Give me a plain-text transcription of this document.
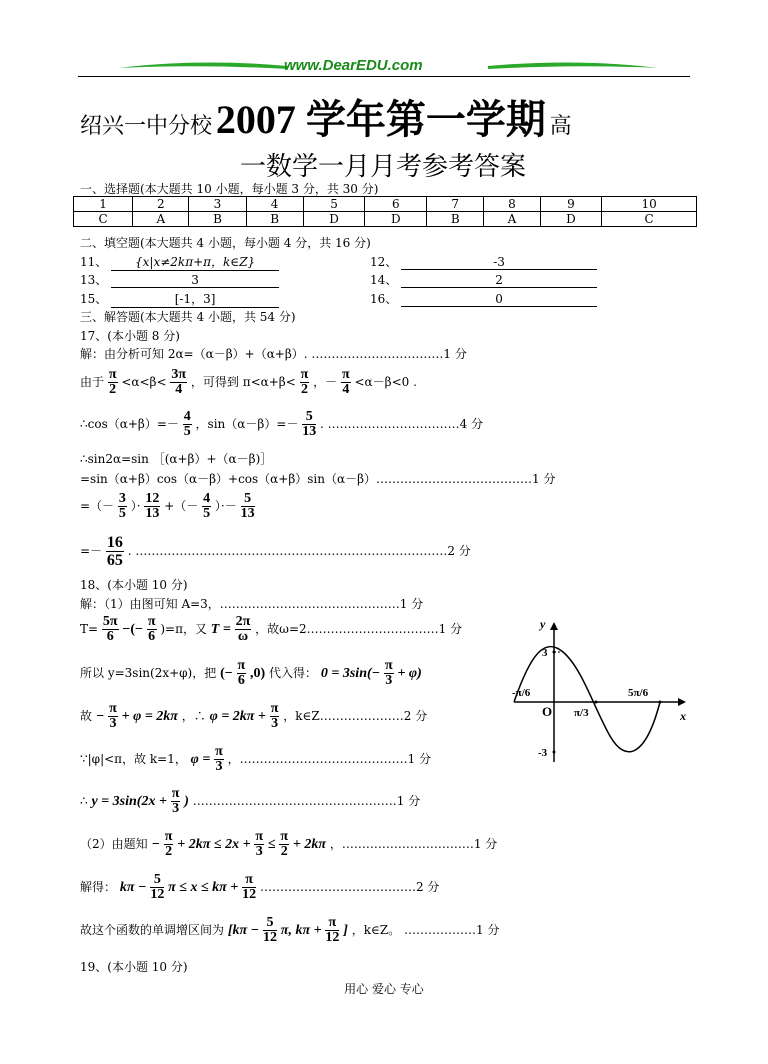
www.DearEDU.com
绍兴一中分校 2007 学年第一学期 高
一数学一月月考参考答案
一、选择题(本大题共 10 小题，每小题 3 分，共 30 分)
1	2	3	4	5	6	7	8	9	10
C	A	B	B	D	D	B	A	D	C
二、填空题(本大题共 4 小题，每小题 4 分，共 16 分)
11、 {x|x≠2kπ+π，k∈Z}	12、	-3
13、	3	14、	2
15、	[-1，3]	16、	0
三、解答题(本大题共 4 小题，共 54 分)
17、(本小题 8 分)
解：由分析可知 2α=（α－β）+（α+β）. ……………………………1 分
由于 $\frac{\pi}{2} <\alpha<\beta< \frac{3\pi}{4}$ ，可得到 $\pi<\alpha+\beta< \frac{\pi}{2}$ ，－ $\frac{\pi}{4} <\alpha-\beta<0$ .
∴cos（α+β）=－ $\frac{4}{5}$ ，$\sin(\alpha-\beta)=- \frac{5}{13}$ . ……………………………4 分
∴sin2α=sin ［(α+β）+（α－β)］
=sin（α+β）cos（α－β）+cos（α+β）sin（α－β）…………………………………1 分
=（－ $\frac{3}{5}$ ）· $\frac{12}{13}$ +（－ $\frac{4}{5}$ ）·－ $\frac{5}{13}$
=－ $\frac{16}{65}$ . ……………………………………………………………………2 分
18、(本小题 10 分)
解：（1）由图可知 A=3，………………………………………1 分
$T= \frac{5\pi}{6}$ −(− $\frac{\pi}{6} )=\pi$，又 $T = \frac{2\pi}{\omega}$ ，故ω=2……………………………1 分
所以 y=3sin(2x+φ)，把 (− $\frac{\pi}{6} ,0$) 代入得： $0 = 3\sin(- \frac{\pi}{3} + \varphi)$
故 − $\frac{\pi}{3} + \varphi = 2k\pi$ ，∴ $\varphi = 2k\pi + \frac{\pi}{3}$ ，k∈Z…………………2 分
∵|φ|<π，故 k=1， $\varphi = \frac{\pi}{3}$ ，……………………………………1 分
∴ $y = 3\sin(2x + \frac{\pi}{3}$ ) ……………………………………………1 分
（2）由题知 − $\frac{\pi}{2} + 2k\pi \le 2x + \frac{\pi}{3} \le \frac{\pi}{2} + 2k\pi$ ，……………………………1 分
解得： $k\pi - \frac{5}{12}$ $\pi \le x \le k\pi + \frac{\pi}{12}$ …………………………………2 分
故这个函数的单调增区间为 [$k\pi - \frac{5}{12} \pi$, $k\pi + \frac{\pi}{12}$ ] ，k∈Z。 ………………1 分
19、(本小题 10 分)
y
x
O
3
-3
-π/6
π/3
5π/6
用心 爱心 专心
